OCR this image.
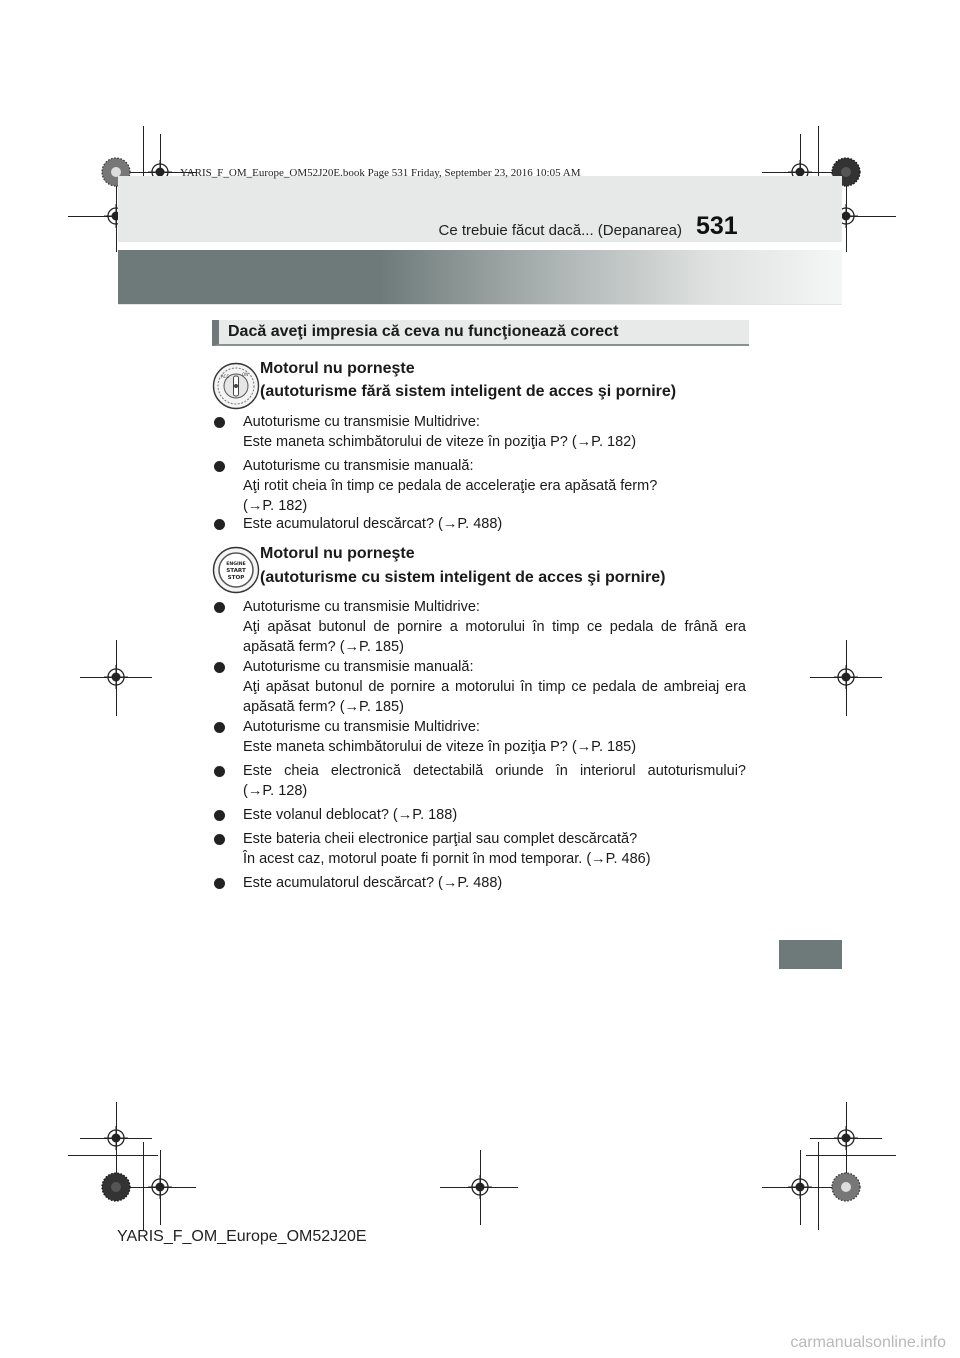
YARIS_F_OM_Europe_OM52J20E.book Page 531 Friday, September 23, 2016 10:05 AM
Ce trebuie făcut dacă... (Depanarea) 531
Dacă aveţi impresia că ceva nu funcţionează corect
ACC	ON Motorul nu porneşte
(autoturisme fără sistem inteligent de acces şi pornire)
Autoturisme cu transmisie Multidrive:
Este maneta schimbătorului de viteze în poziţia P? (→P. 182)
Autoturisme cu transmisie manuală:
Aţi rotit cheia în timp ce pedala de acceleraţie era apăsată ferm?
(→P. 182)
Este acumulatorul descărcat? (→P. 488)
ENGINE
START
STOP
Motorul nu porneşte
(autoturisme cu sistem inteligent de acces şi pornire)
Autoturisme cu transmisie Multidrive:
Aţi apăsat butonul de pornire a motorului în timp ce pedala de frână era
apăsată ferm? (→P. 185)
Autoturisme cu transmisie manuală:
Aţi apăsat butonul de pornire a motorului în timp ce pedala de ambreiaj era
apăsată ferm? (→P. 185)
Autoturisme cu transmisie Multidrive:
Este maneta schimbătorului de viteze în poziţia P? (→P. 185)
Este cheia electronică detectabilă oriunde în interiorul autoturismului?
(→P. 128)
Este volanul deblocat? (→P. 188)
Este bateria cheii electronice parţial sau complet descărcată?
În acest caz, motorul poate fi pornit în mod temporar. (→P. 486)
Este acumulatorul descărcat? (→P. 488)
YARIS_F_OM_Europe_OM52J20E
carmanualsonline.info
